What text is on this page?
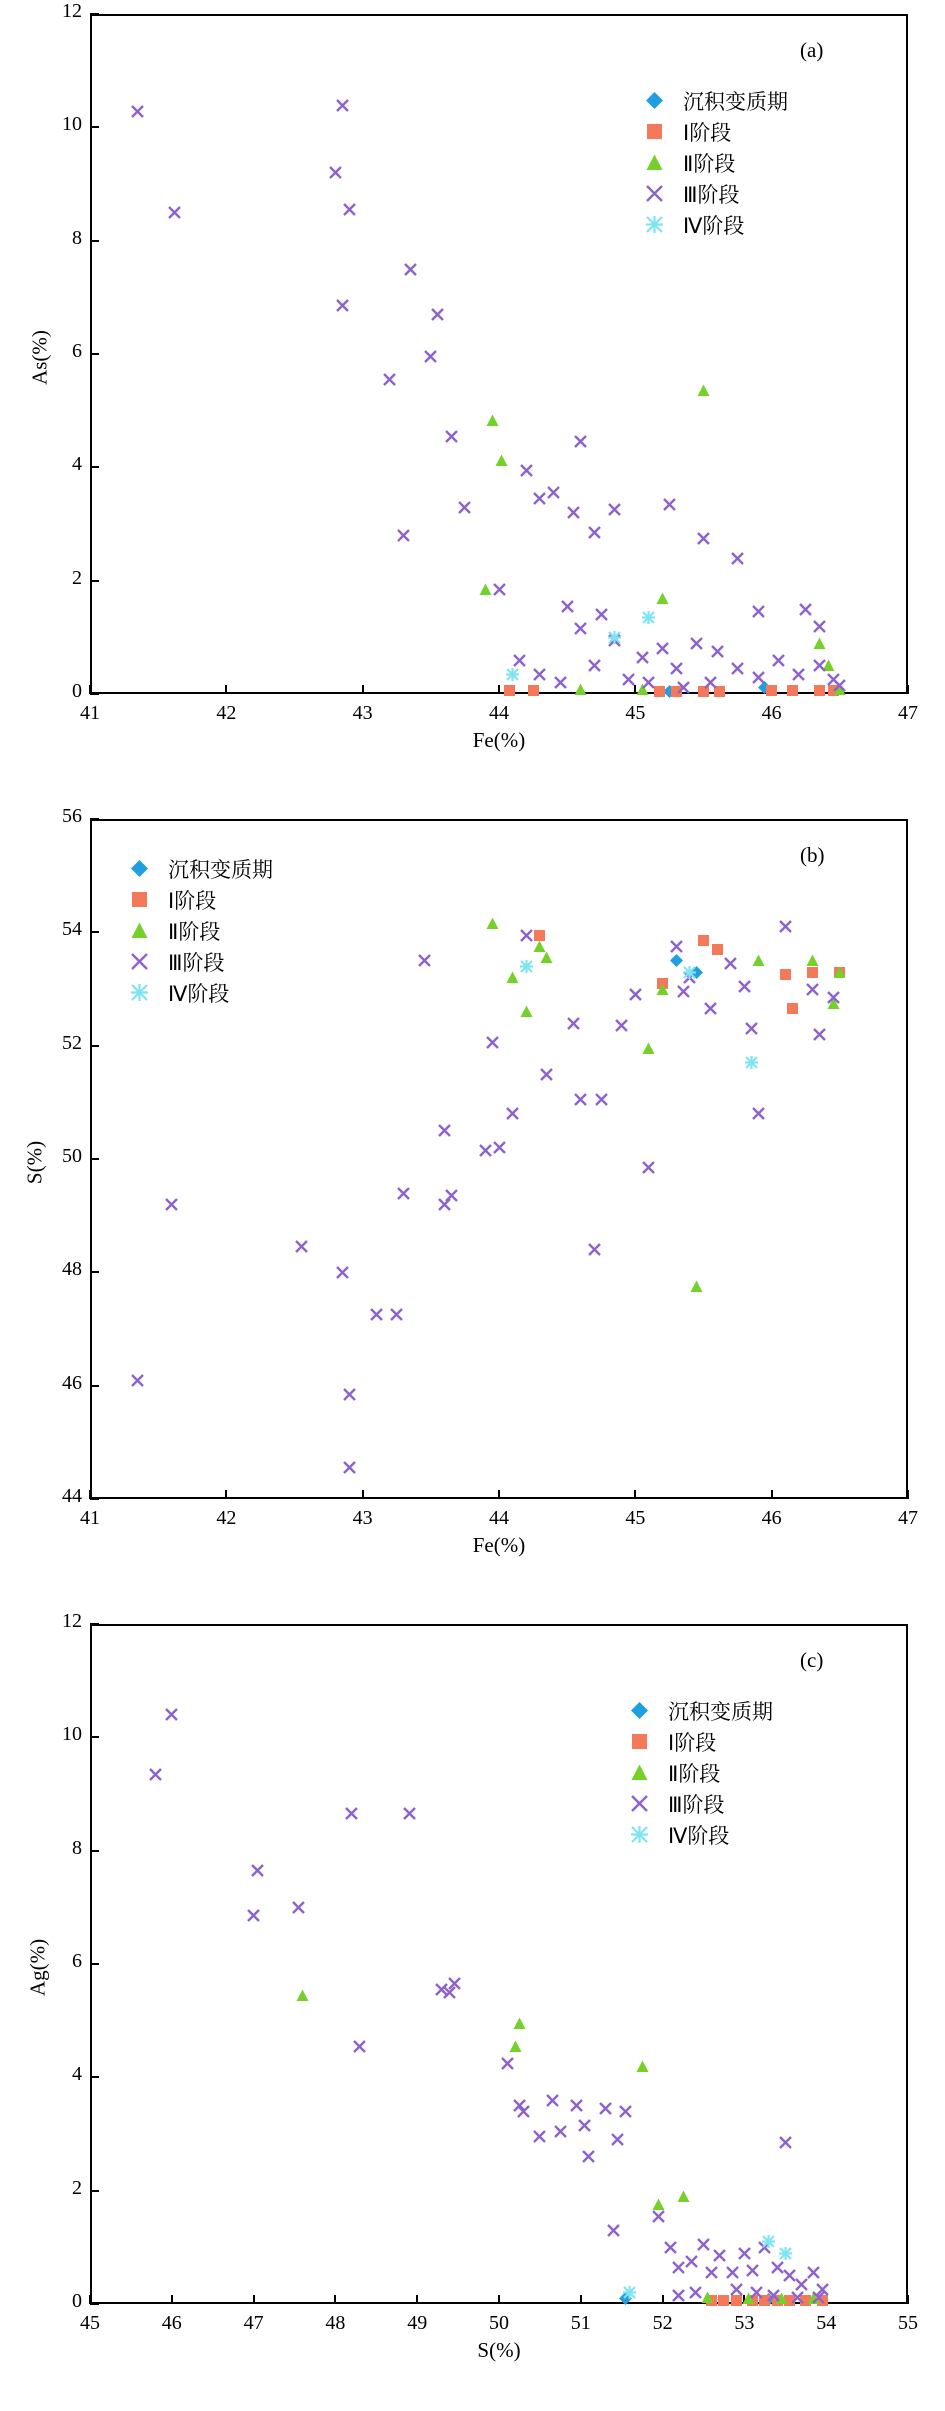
(a)
Fe(%)
As(%)
沉积变质期
Ⅰ阶段
Ⅱ阶段
Ⅲ阶段
Ⅳ阶段
41	42	43	44	45	46	47
0
2
4
6
8
10
12
(b)
Fe(%)
S(%)
沉积变质期
Ⅰ阶段
Ⅱ阶段
Ⅲ阶段
Ⅳ阶段
41	42	43	44	45	46	47
44
46
48
50
52
54
56
(c)
S(%)
Ag(%)
沉积变质期
Ⅰ阶段
Ⅱ阶段
Ⅲ阶段
Ⅳ阶段
45	46	47	48	49	50	51	52	53	54	55
0
2
4
6
8
10
12
